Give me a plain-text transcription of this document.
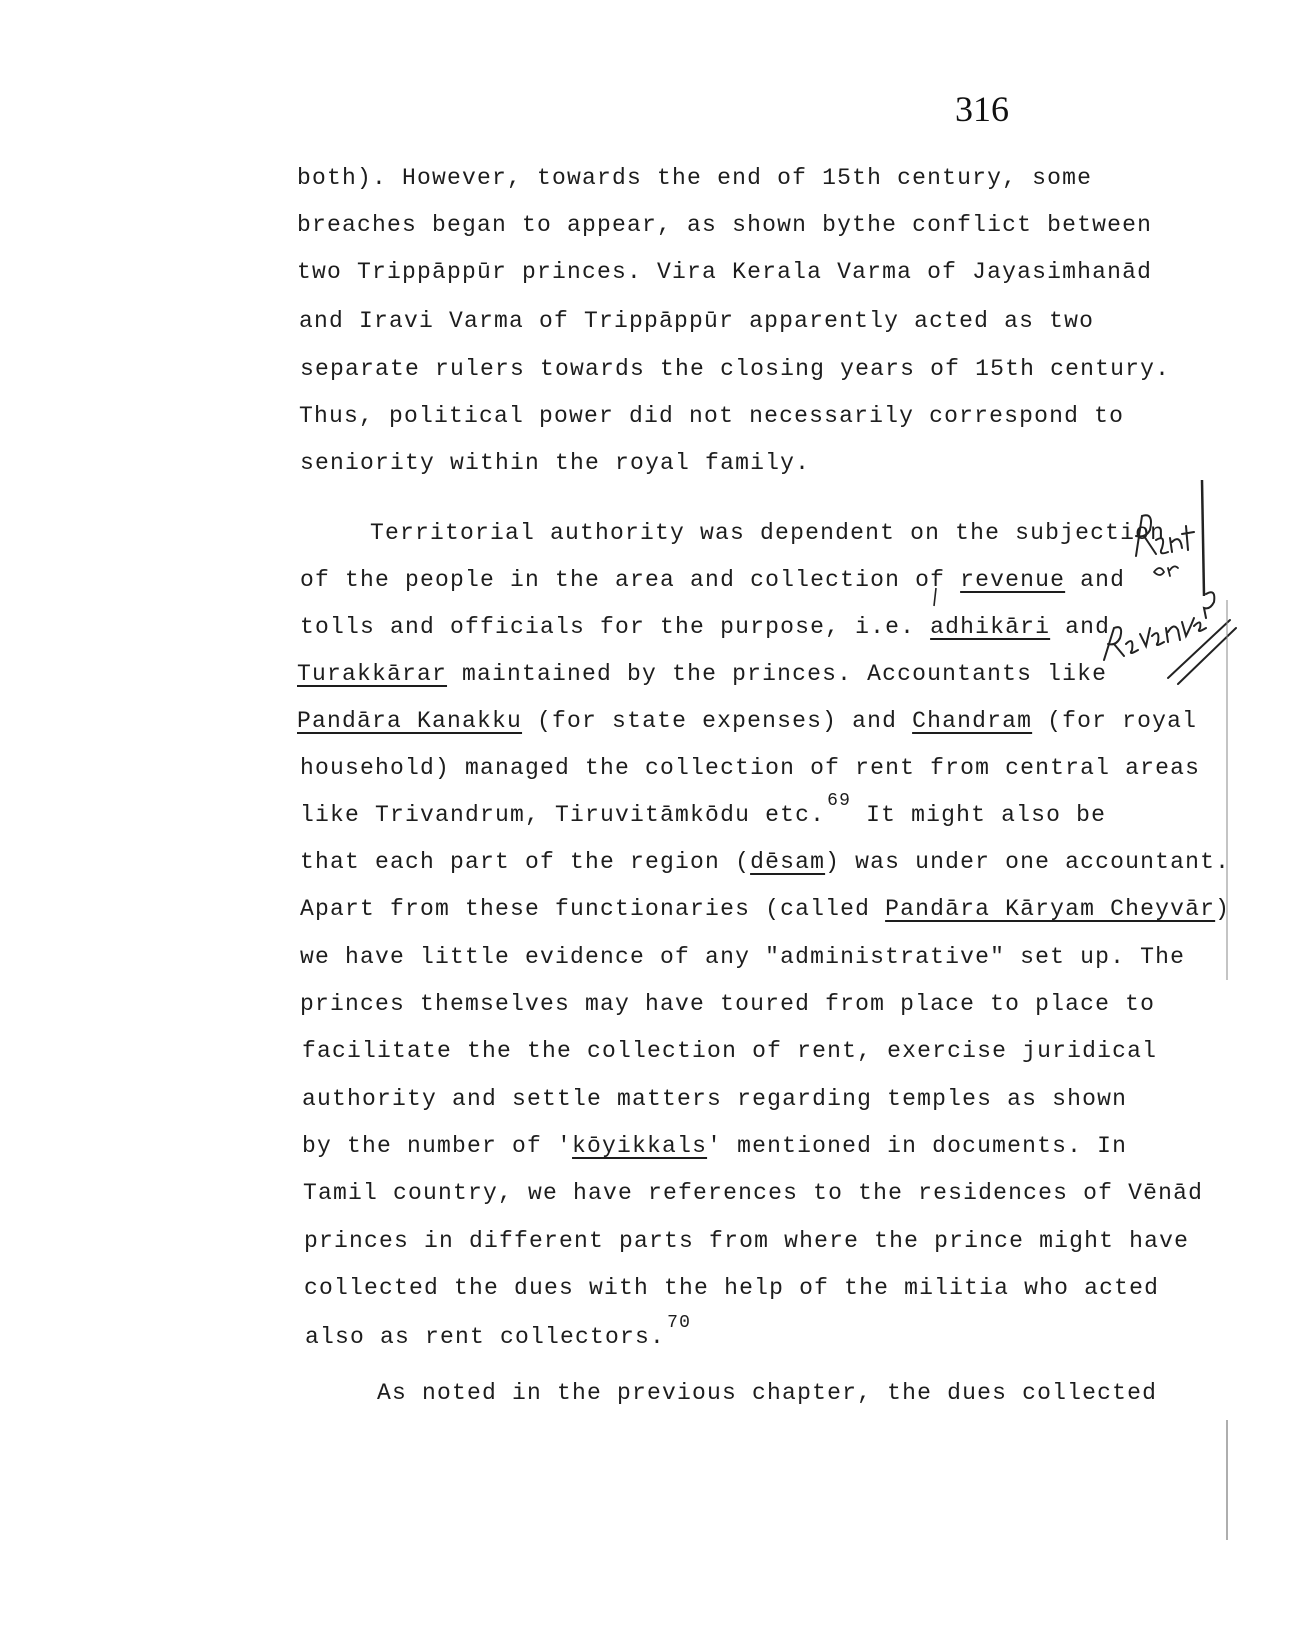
316
both). However, towards the end of 15th century, some
breaches began to appear, as shown bythe conflict between
two Trippāppūr princes. Vira Kerala Varma of Jayasimhanād
and Iravi Varma of Trippāppūr apparently acted as two
separate rulers towards the closing years of 15th century.
Thus, political power did not necessarily correspond to
seniority within the royal family.
Territorial authority was dependent on the subjection
of the people in the area and collection of revenue and
tolls and officials for the purpose, i.e. adhikāri and
Turakkārar maintained by the princes. Accountants like
Pandāra Kanakku (for state expenses) and Chandram (for royal
household) managed the collection of rent from central areas
like Trivandrum, Tiruvitāmkōdu etc.$^{69}$ It might also be
that each part of the region (dēsam) was under one accountant.
Apart from these functionaries (called Pandāra Kāryam Cheyvār)
we have little evidence of any "administrative" set up. The
princes themselves may have toured from place to place to
facilitate the the collection of rent, exercise juridical
authority and settle matters regarding temples as shown
by the number of 'kōyikkals' mentioned in documents. In
Tamil country, we have references to the residences of Vēnād
princes in different parts from where the prince might have
collected the dues with the help of the militia who acted
also as rent collectors.$^{70}$
As noted in the previous chapter, the dues collected
